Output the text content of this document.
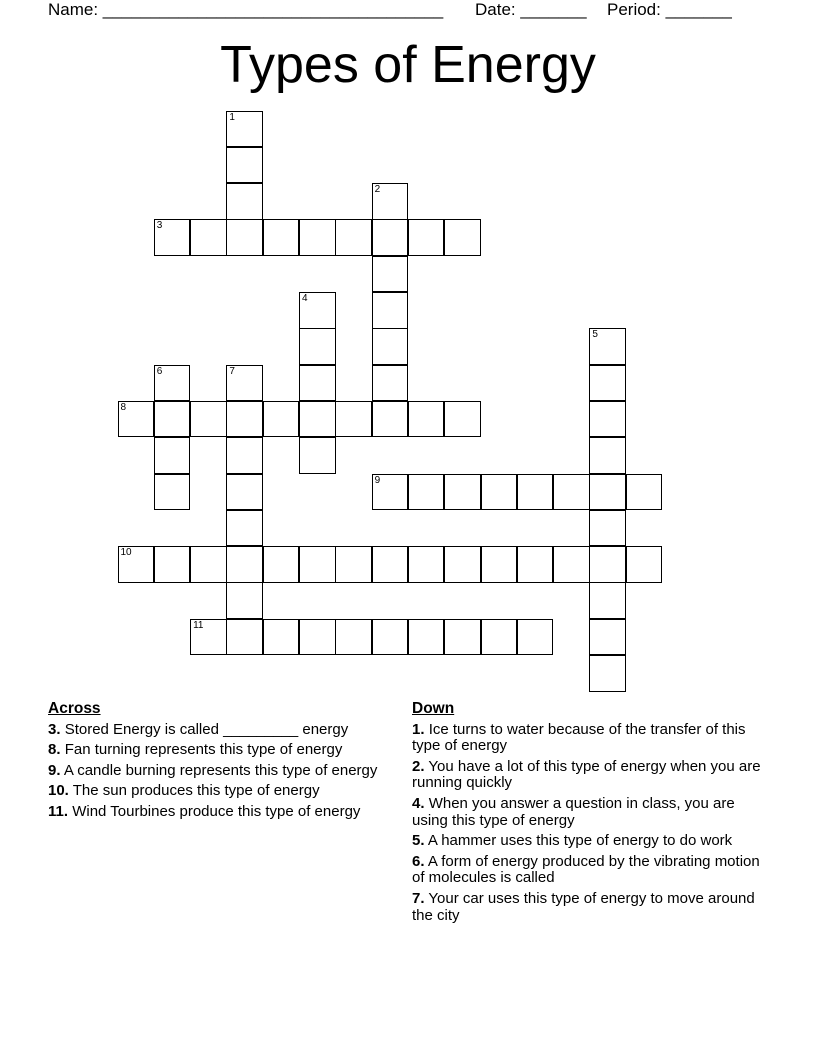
Name: ____________________________________ Date: _______ Period: _______
Types of Energy
1
2
3
4
5
6	7
8
9
10
11
Across
3. Stored Energy is called _________ energy
8. Fan turning represents this type of energy
9. A candle burning represents this type of energy
10. The sun produces this type of energy
11. Wind Tourbines produce this type of energy
Down
1. Ice turns to water because of the transfer of this type of energy
2. You have a lot of this type of energy when you are running quickly
4. When you answer a question in class, you are using this type of energy
5. A hammer uses this type of energy to do work
6. A form of energy produced by the vibrating motion of molecules is called
7. Your car uses this type of energy to move around the city
